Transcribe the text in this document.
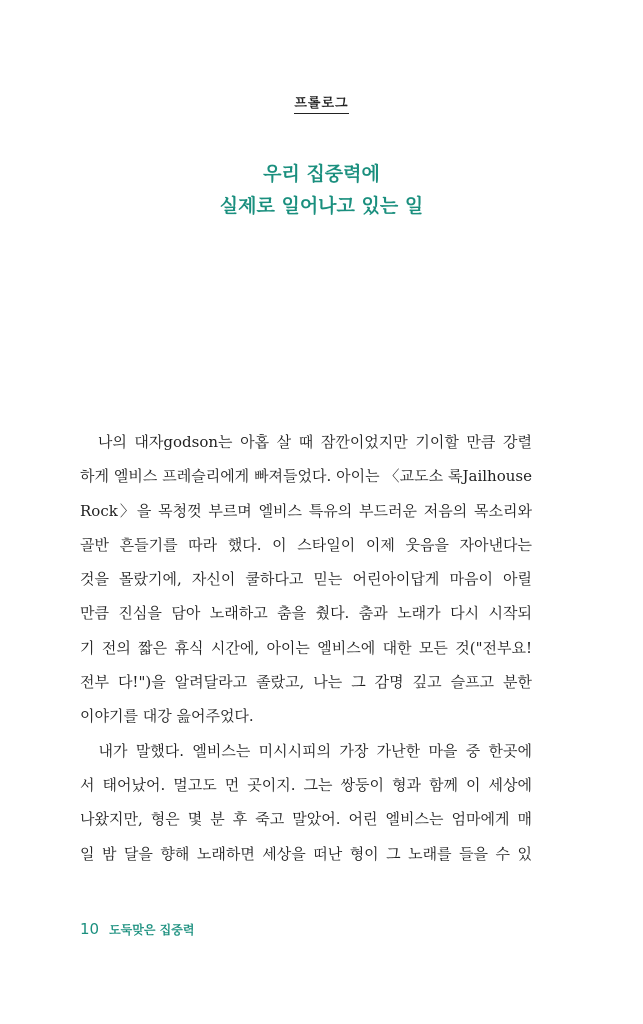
프롤로그
우리 집중력에
실제로 일어나고 있는 일
　나의 대자godson는 아홉 살 때 잠깐이었지만 기이할 만큼 강렬
하게 엘비스 프레슬리에게 빠져들었다. 아이는 〈교도소 록Jailhouse
Rock〉을 목청껏 부르며 엘비스 특유의 부드러운 저음의 목소리와
골반 흔들기를 따라 했다. 이 스타일이 이제 웃음을 자아낸다는
것을 몰랐기에, 자신이 쿨하다고 믿는 어린아이답게 마음이 아릴
만큼 진심을 담아 노래하고 춤을 췄다. 춤과 노래가 다시 시작되
기 전의 짧은 휴식 시간에, 아이는 엘비스에 대한 모든 것("전부요!
전부 다!")을 알려달라고 졸랐고, 나는 그 감명 깊고 슬프고 분한
이야기를 대강 읊어주었다.
　내가 말했다. 엘비스는 미시시피의 가장 가난한 마을 중 한곳에
서 태어났어. 멀고도 먼 곳이지. 그는 쌍둥이 형과 함께 이 세상에
나왔지만, 형은 몇 분 후 죽고 말았어. 어린 엘비스는 엄마에게 매
일 밤 달을 향해 노래하면 세상을 떠난 형이 그 노래를 들을 수 있
10 도둑맞은 집중력
